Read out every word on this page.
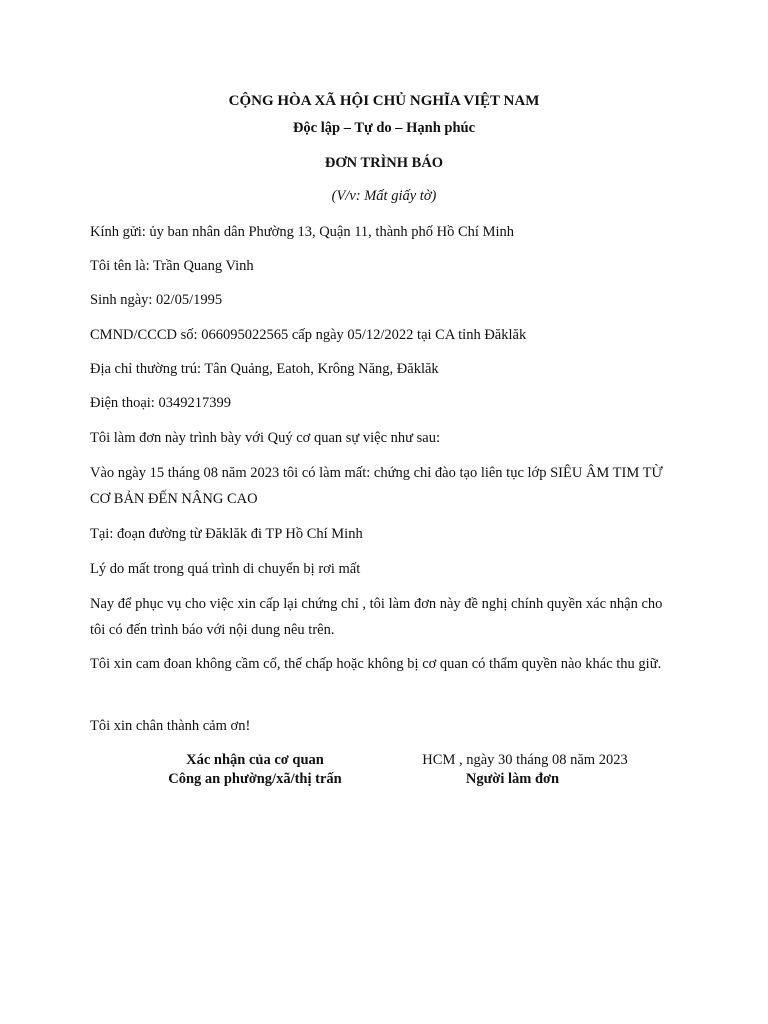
CỘNG HÒA XÃ HỘI CHỦ NGHĨA VIỆT NAM
Độc lập – Tự do – Hạnh phúc
ĐƠN TRÌNH BÁO
(V/v: Mất giấy tờ)
Kính gửi: ủy ban nhân dân Phường 13, Quận 11, thành phố Hồ Chí Minh
Tôi tên là: Trần Quang Vinh
Sinh ngày: 02/05/1995
CMND/CCCD số: 066095022565 cấp ngày 05/12/2022 tại CA tỉnh Đăklăk
Địa chỉ thường trú: Tân Quảng, Eatoh, Krông Năng, Đăklăk
Điện thoại: 0349217399
Tôi làm đơn này trình bày với Quý cơ quan sự việc như sau:
Vào ngày 15 tháng 08 năm 2023 tôi có làm mất: chứng chỉ đào tạo liên tục lớp SIÊU ÂM TIM TỪ CƠ BẢN ĐẾN NÂNG CAO
Tại: đoạn đường từ Đăklăk đi TP Hồ Chí Minh
Lý do mất trong quá trình di chuyển bị rơi mất
Nay để phục vụ cho việc xin cấp lại chứng chỉ , tôi làm đơn này đề nghị chính quyền xác nhận cho tôi có đến trình báo với nội dung nêu trên.
Tôi xin cam đoan không cầm cố, thế chấp hoặc không bị cơ quan có thẩm quyền nào khác thu giữ.
Tôi xin chân thành cảm ơn!
Xác nhận của cơ quan
Công an phường/xã/thị trấn
HCM , ngày 30 tháng 08 năm 2023
Người làm đơn
